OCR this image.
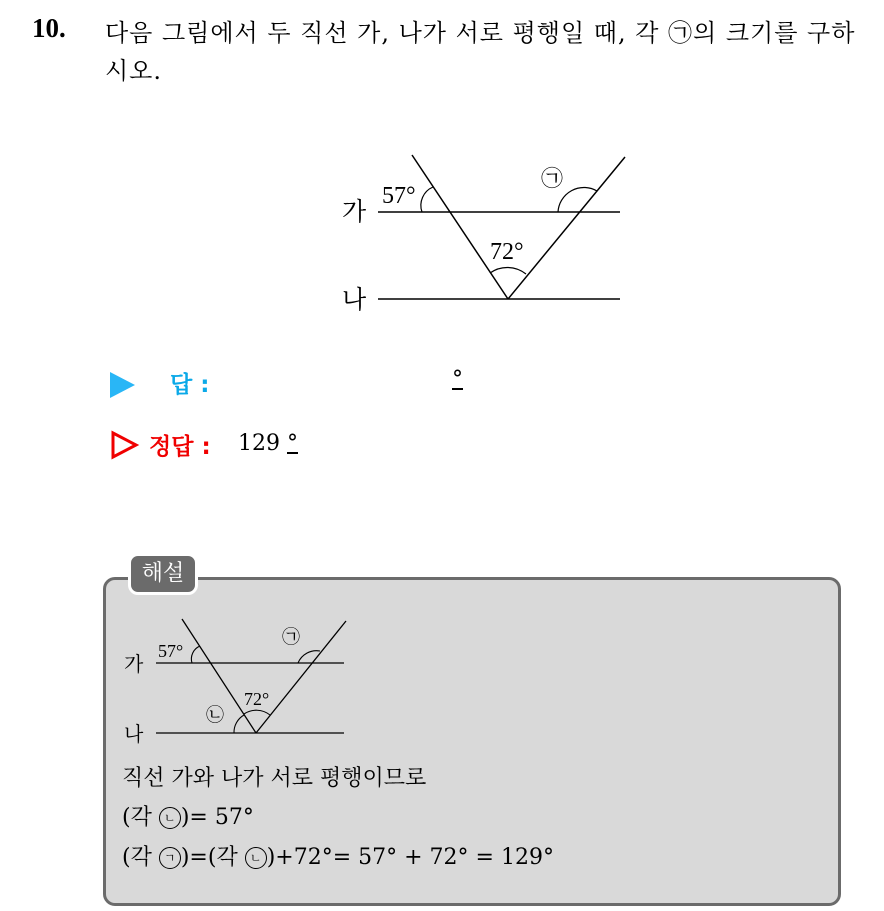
10. 다음 그림에서 두 직선 가, 나가 서로 평행일 때, 각 ㉠의 크기를 구하시오.
가
나
57°
72°
㉠
답 :	°
정답 : 129 °
해설
가
나
57°
72°
㉠
㉡
직선 가와 나가 서로 평행이므로
(각 ㄴ )= 57°
(각 ㄱ )=(각 ㄴ )+72°= 57° + 72° = 129°
